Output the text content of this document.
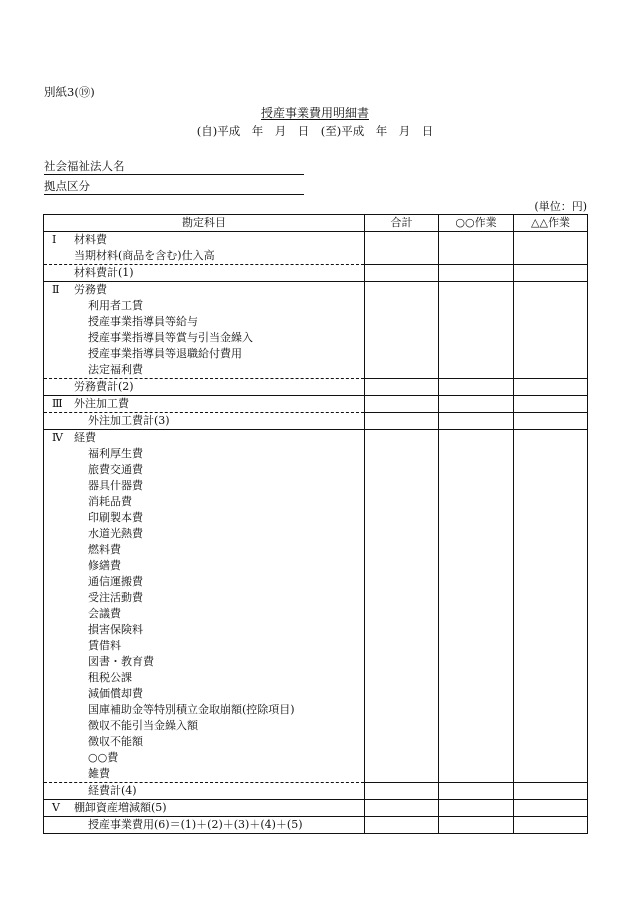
別紙3(⑲)
授産事業費用明細書
(自)平成　年　月　日　(至)平成　年　月　日
社会福祉法人名
拠点区分
(単位：円)
勘定科目	合計	○○作業	△△作業

Ⅰ 材料費			

当期材料(商品を含む)仕入高			

材料費計(1)			

Ⅱ 労務費			

利用者工賃			

授産事業指導員等給与			

授産事業指導員等賞与引当金繰入			

授産事業指導員等退職給付費用			

法定福利費			

労務費計(2)			

Ⅲ 外注加工費			

外注加工費計(3)			

Ⅳ 経費			

福利厚生費			

旅費交通費			

器具什器費			

消耗品費			

印刷製本費			

水道光熱費			

燃料費			

修繕費			

通信運搬費			

受注活動費			

会議費			

損害保険料			

賃借料			

図書・教育費			

租税公課			

減価償却費			

国庫補助金等特別積立金取崩額(控除項目)			

徴収不能引当金繰入額			

徴収不能額			

○○費			

雑費			

経費計(4)			

Ⅴ 棚卸資産増減額(5)			

授産事業費用(6)＝(1)＋(2)＋(3)＋(4)＋(5)			
